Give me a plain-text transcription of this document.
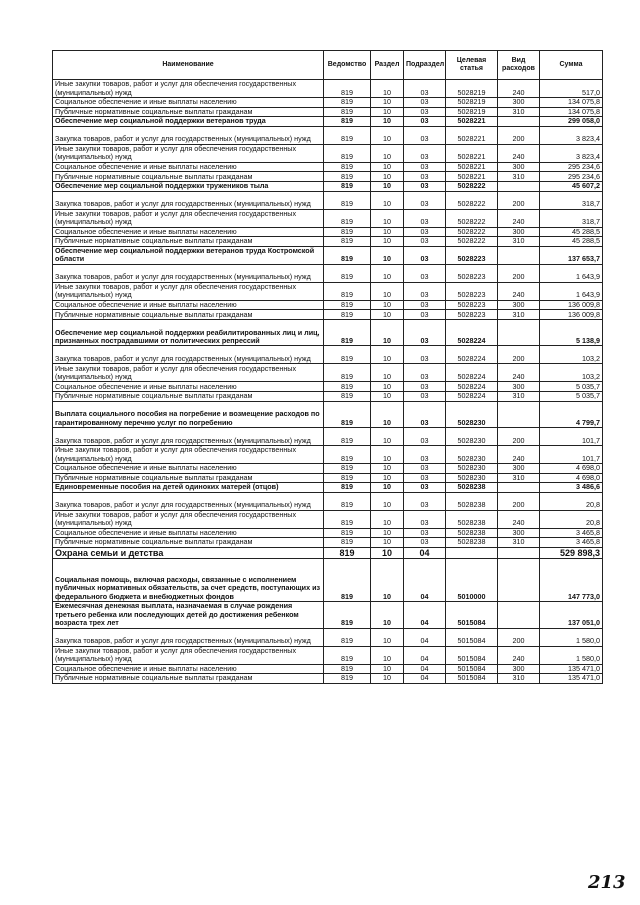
Наименование	Ведомство	Раздел	Подраздел	Целевая статья	Вид расходов	Сумма
Иные закупки товаров, работ и услуг для обеспечения государственных (муниципальных) нужд	819	10	03	5028219	240	517,0
Социальное обеспечение и иные выплаты населению	819	10	03	5028219	300	134 075,8
Публичные нормативные социальные выплаты гражданам	819	10	03	5028219	310	134 075,8
Обеспечение мер социальной поддержки ветеранов труда	819	10	03	5028221		299 058,0
Закупка товаров, работ и услуг для государственных (муниципальных) нужд	819	10	03	5028221	200	3 823,4
Иные закупки товаров, работ и услуг для обеспечения государственных (муниципальных) нужд	819	10	03	5028221	240	3 823,4
Социальное обеспечение и иные выплаты населению	819	10	03	5028221	300	295 234,6
Публичные нормативные социальные выплаты гражданам	819	10	03	5028221	310	295 234,6
Обеспечение мер социальной поддержки тружеников тыла	819	10	03	5028222		45 607,2
Закупка товаров, работ и услуг для государственных (муниципальных) нужд	819	10	03	5028222	200	318,7
Иные закупки товаров, работ и услуг для обеспечения государственных (муниципальных) нужд	819	10	03	5028222	240	318,7
Социальное обеспечение и иные выплаты населению	819	10	03	5028222	300	45 288,5
Публичные нормативные социальные выплаты гражданам	819	10	03	5028222	310	45 288,5
Обеспечение мер социальной поддержки ветеранов труда Костромской области	819	10	03	5028223		137 653,7
Закупка товаров, работ и услуг для государственных (муниципальных) нужд	819	10	03	5028223	200	1 643,9
Иные закупки товаров, работ и услуг для обеспечения государственных (муниципальных) нужд	819	10	03	5028223	240	1 643,9
Социальное обеспечение и иные выплаты населению	819	10	03	5028223	300	136 009,8
Публичные нормативные социальные выплаты гражданам	819	10	03	5028223	310	136 009,8
Обеспечение мер социальной поддержки реабилитированных лиц и лиц, признанных пострадавшими от политических репрессий	819	10	03	5028224		5 138,9
Закупка товаров, работ и услуг для государственных (муниципальных) нужд	819	10	03	5028224	200	103,2
Иные закупки товаров, работ и услуг для обеспечения государственных (муниципальных) нужд	819	10	03	5028224	240	103,2
Социальное обеспечение и иные выплаты населению	819	10	03	5028224	300	5 035,7
Публичные нормативные социальные выплаты гражданам	819	10	03	5028224	310	5 035,7
Выплата социального пособия на погребение и возмещение расходов по гарантированному перечню услуг по погребению	819	10	03	5028230		4 799,7
Закупка товаров, работ и услуг для государственных (муниципальных) нужд	819	10	03	5028230	200	101,7
Иные закупки товаров, работ и услуг для обеспечения государственных (муниципальных) нужд	819	10	03	5028230	240	101,7
Социальное обеспечение и иные выплаты населению	819	10	03	5028230	300	4 698,0
Публичные нормативные социальные выплаты гражданам	819	10	03	5028230	310	4 698,0
Единовременные пособия на детей одиноких матерей (отцов)	819	10	03	5028238		3 486,6
Закупка товаров, работ и услуг для государственных (муниципальных) нужд	819	10	03	5028238	200	20,8
Иные закупки товаров, работ и услуг для обеспечения государственных (муниципальных) нужд	819	10	03	5028238	240	20,8
Социальное обеспечение и иные выплаты населению	819	10	03	5028238	300	3 465,8
Публичные нормативные социальные выплаты гражданам	819	10	03	5028238	310	3 465,8
Охрана семьи и детства	819	10	04			529 898,3
Социальная помощь, включая расходы, связанные с исполнением публичных нормативных обязательств, за счет средств, поступающих из федерального бюджета и внебюджетных фондов	819	10	04	5010000		147 773,0
Ежемесячная денежная выплата, назначаемая в случае рождения третьего ребенка или последующих детей до достижения ребенком возраста трех лет	819	10	04	5015084		137 051,0
Закупка товаров, работ и услуг для государственных (муниципальных) нужд	819	10	04	5015084	200	1 580,0
Иные закупки товаров, работ и услуг для обеспечения государственных (муниципальных) нужд	819	10	04	5015084	240	1 580,0
Социальное обеспечение и иные выплаты населению	819	10	04	5015084	300	135 471,0
Публичные нормативные социальные выплаты гражданам	819	10	04	5015084	310	135 471,0
213
